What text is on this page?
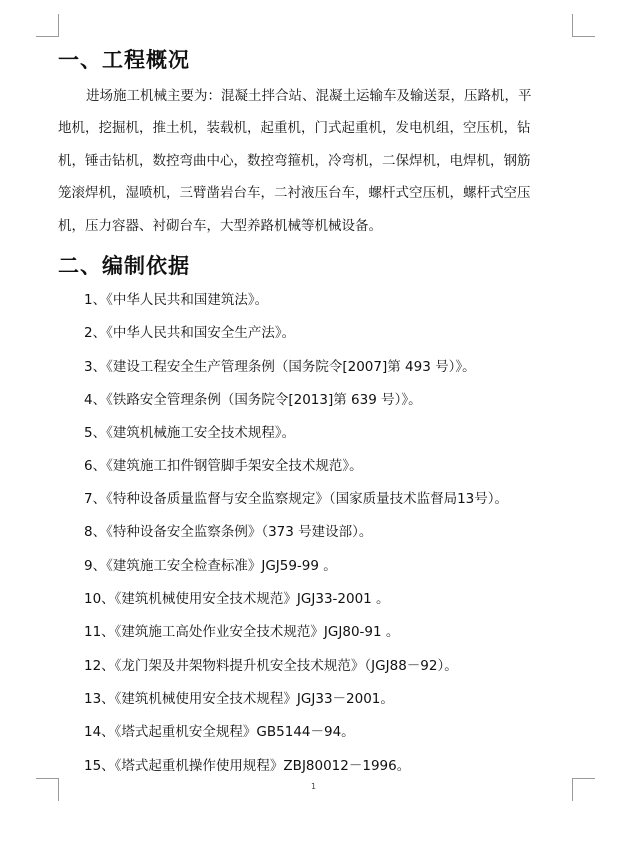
一、工程概况
进场施工机械主要为：混凝土拌合站、混凝土运输车及输送泵，压路机，平
地机，挖掘机，推土机，装载机，起重机，门式起重机，发电机组，空压机，钻
机，锤击钻机，数控弯曲中心，数控弯箍机，冷弯机，二保焊机，电焊机，钢筋
笼滚焊机，湿喷机，三臂凿岩台车，二衬液压台车，螺杆式空压机，螺杆式空压
机，压力容器、衬砌台车，大型养路机械等机械设备。
二、编制依据
1、《中华人民共和国建筑法》。
2、《中华人民共和国安全生产法》。
3、《建设工程安全生产管理条例（国务院令[2007]第 493 号）》。
4、《铁路安全管理条例（国务院令[2013]第 639 号）》。
5、《建筑机械施工安全技术规程》。
6、《建筑施工扣件钢管脚手架安全技术规范》。
7、《特种设备质量监督与安全监察规定》（国家质量技术监督局13号）。
8、《特种设备安全监察条例》（373 号建设部）。
9、《建筑施工安全检查标准》JGJ59-99 。
10、《建筑机械使用安全技术规范》JGJ33-2001 。
11、《建筑施工高处作业安全技术规范》JGJ80-91 。
12、《龙门架及井架物料提升机安全技术规范》（JGJ88－92）。
13、《建筑机械使用安全技术规程》JGJ33－2001。
14、《塔式起重机安全规程》GB5144－94。
15、《塔式起重机操作使用规程》ZBJ80012－1996。
1
